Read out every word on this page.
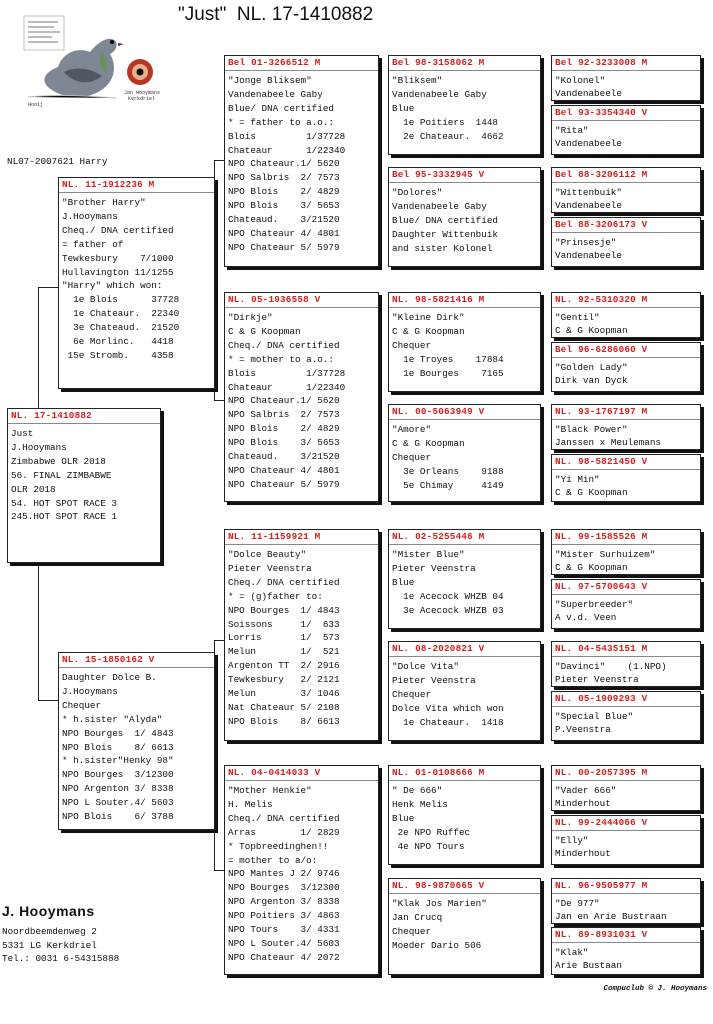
"Just"  NL. 17-1410882
Hooij
Jan Hooymans
Kerkdriel
NL07-2007621 Harry
NL. 17-1410882
Just
J.Hooymans
Zimbabwe OLR 2018
56. FINAL ZIMBABWE
OLR 2018
54. HOT SPOT RACE 3
245.HOT SPOT RACE 1
NL. 11-1912236 M
"Brother Harry"
J.Hooymans
Cheq./ DNA certified
= father of
Tewkesbury    7/1000
Hullavington 11/1255
"Harry" which won:
1e Blois      37728
1e Chateaur.  22340
3e Chateaud.  21520
6e Morlinc.   4418
15e Stromb.    4358
NL. 15-1850162 V
Daughter Dolce B.
J.Hooymans
Chequer
* h.sister "Alyda"
NPO Bourges  1/ 4843
NPO Blois    8/ 6613
* h.sister"Henky 98"
NPO Bourges  3/12300
NPO Argenton 3/ 8338
NPO L Souter.4/ 5603
NPO Blois    6/ 3788
Bel 01-3266512 M
"Jonge Bliksem"
Vandenabeele Gaby
Blue/ DNA certified
* = father to a.o.:
Blois         1/37728
Chateaur      1/22340
NPO Chateaur.1/ 5620
NPO Salbris  2/ 7573
NPO Blois    2/ 4829
NPO Blois    3/ 5653
Chateaud.    3/21520
NPO Chateaur 4/ 4801
NPO Chateaur 5/ 5979
NL. 05-1936558 V
"Dirkje"
C & G Koopman
Cheq./ DNA certified
* = mother to a.o.:
Blois         1/37728
Chateaur      1/22340
NPO Chateaur.1/ 5620
NPO Salbris  2/ 7573
NPO Blois    2/ 4829
NPO Blois    3/ 5653
Chateaud.    3/21520
NPO Chateaur 4/ 4801
NPO Chateaur 5/ 5979
NL. 11-1159921 M
"Dolce Beauty"
Pieter Veenstra
Cheq./ DNA certified
* = (g)father to:
NPO Bourges  1/ 4843
Soissons     1/  633
Lorris       1/  573
Melun        1/  521
Argenton TT  2/ 2916
Tewkesbury   2/ 2121
Melun        3/ 1046
Nat Chateaur 5/ 2108
NPO Blois    8/ 6613
NL. 04-0414033 V
"Mother Henkie"
H. Melis
Cheq./ DNA certified
Arras        1/ 2829
* Topbreedinghen!!
= mother to a/o:
NPO Mantes J 2/ 9746
NPO Bourges  3/12300
NPO Argenton 3/ 8338
NPO Poitiers 3/ 4863
NPO Tours    3/ 4331
NPO L Souter.4/ 5603
NPO Chateaur 4/ 2072
Bel 98-3158062 M
"Bliksem"
Vandenabeele Gaby
Blue
1e Poitiers  1448
2e Chateaur.  4662
Bel 95-3332945 V
"Dolores"
Vandenabeele Gaby
Blue/ DNA certified
Daughter Wittenbuik
and sister Kolonel
NL. 98-5821416 M
"Kleine Dirk"
C & G Koopman
Chequer
1e Troyes    17884
1e Bourges    7165
NL. 00-5063949 V
"Amore"
C & G Koopman
Chequer
3e Orleans    9188
5e Chimay     4149
NL. 02-5255446 M
"Mister Blue"
Pieter Veenstra
Blue
1e Acecock WHZB 04
3e Acecock WHZB 03
NL. 08-2020821 V
"Dolce Vita"
Pieter Veenstra
Chequer
Dolce Vita which won
1e Chateaur.  1418
NL. 01-0108666 M
" De 666"
Henk Melis
Blue
2e NPO Ruffec
4e NPO Tours
NL. 98-9870665 V
"Klak Jos Marien"
Jan Crucq
Chequer
Moeder Dario 506
Bel 92-3233008 M
"Kolonel"
Vandenabeele
Bel 93-3354340 V
"Rita"
Vandenabeele
Bel 88-3206112 M
"Wittenbuik"
Vandenabeele
Bel 88-3206173 V
"Prinsesje"
Vandenabeele
NL. 92-5310320 M
"Gentil"
C & G Koopman
Bel 96-6286060 V
"Golden Lady"
Dirk van Dyck
NL. 93-1767197 M
"Black Power"
Janssen x Meulemans
NL. 98-5821450 V
"Yi Min"
C & G Koopman
NL. 99-1585526 M
"Mister Surhuizem"
C & G Koopman
NL. 97-5700643 V
"Superbreeder"
A v.d. Veen
NL. 04-5435151 M
"Davinci"    (1.NPO)
Pieter Veenstra
NL. 05-1909293 V
"Special Blue"
P.Veenstra
NL. 00-2057395 M
"Vader 666"
Minderhout
NL. 99-2444066 V
"Elly"
Minderhout
NL. 96-9505977 M
"De 977"
Jan en Arie Bustraan
NL. 89-8931031 V
"Klak"
Arie Bustaan
J. Hooymans
Noordbeemdenweg 2
5331 LG Kerkdriel
Tel.: 0031 6-54315888
Compuclub © J. Hooymans
